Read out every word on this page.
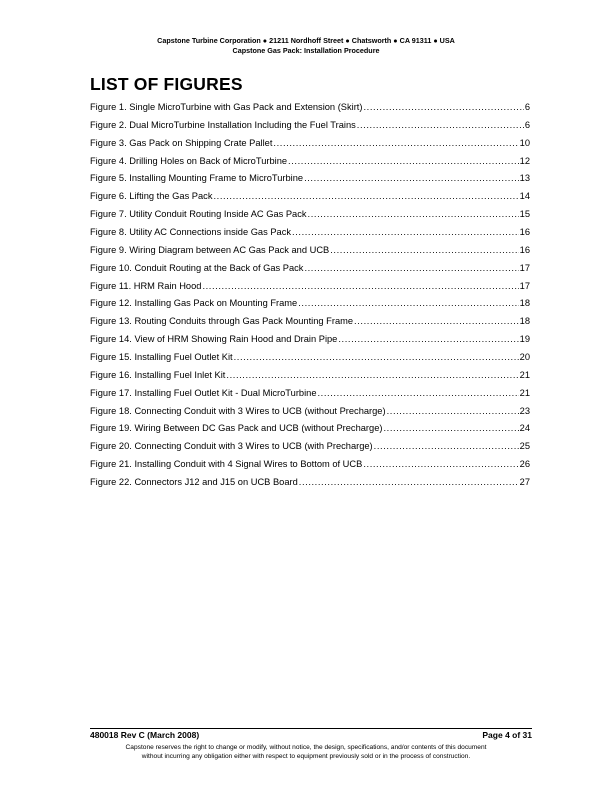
Capstone Turbine Corporation ● 21211 Nordhoff Street ● Chatsworth ● CA 91311 ● USA
Capstone Gas Pack: Installation Procedure
LIST OF FIGURES
Figure 1. Single MicroTurbine with Gas Pack and Extension (Skirt) .....	6
Figure 2. Dual MicroTurbine Installation Including the Fuel Trains .....	6
Figure 3. Gas Pack on Shipping Crate Pallet .....	10
Figure 4. Drilling Holes on Back of MicroTurbine .....	12
Figure 5. Installing Mounting Frame to MicroTurbine .....	13
Figure 6. Lifting the Gas Pack .....	14
Figure 7. Utility Conduit Routing Inside AC Gas Pack .....	15
Figure 8. Utility AC Connections inside Gas Pack .....	16
Figure 9. Wiring Diagram between AC Gas Pack and UCB .....	16
Figure 10. Conduit Routing at the Back of Gas Pack .....	17
Figure 11. HRM Rain Hood .....	17
Figure 12. Installing Gas Pack on Mounting Frame .....	18
Figure 13. Routing Conduits through Gas Pack Mounting Frame .....	18
Figure 14. View of HRM Showing Rain Hood and Drain Pipe .....	19
Figure 15. Installing Fuel Outlet Kit .....	20
Figure 16. Installing Fuel Inlet Kit .....	21
Figure 17. Installing Fuel Outlet Kit - Dual MicroTurbine .....	21
Figure 18. Connecting Conduit with 3 Wires to UCB (without Precharge) .....	23
Figure 19. Wiring Between DC Gas Pack and UCB (without Precharge) .....	24
Figure 20. Connecting Conduit with 3 Wires to UCB (with Precharge) .....	25
Figure 21. Installing Conduit with 4 Signal Wires to Bottom of UCB .....	26
Figure 22. Connectors J12 and J15 on UCB Board .....	27
480018 Rev C (March 2008)	Page 4 of 31
Capstone reserves the right to change or modify, without notice, the design, specifications, and/or contents of this document
without incurring any obligation either with respect to equipment previously sold or in the process of construction.
